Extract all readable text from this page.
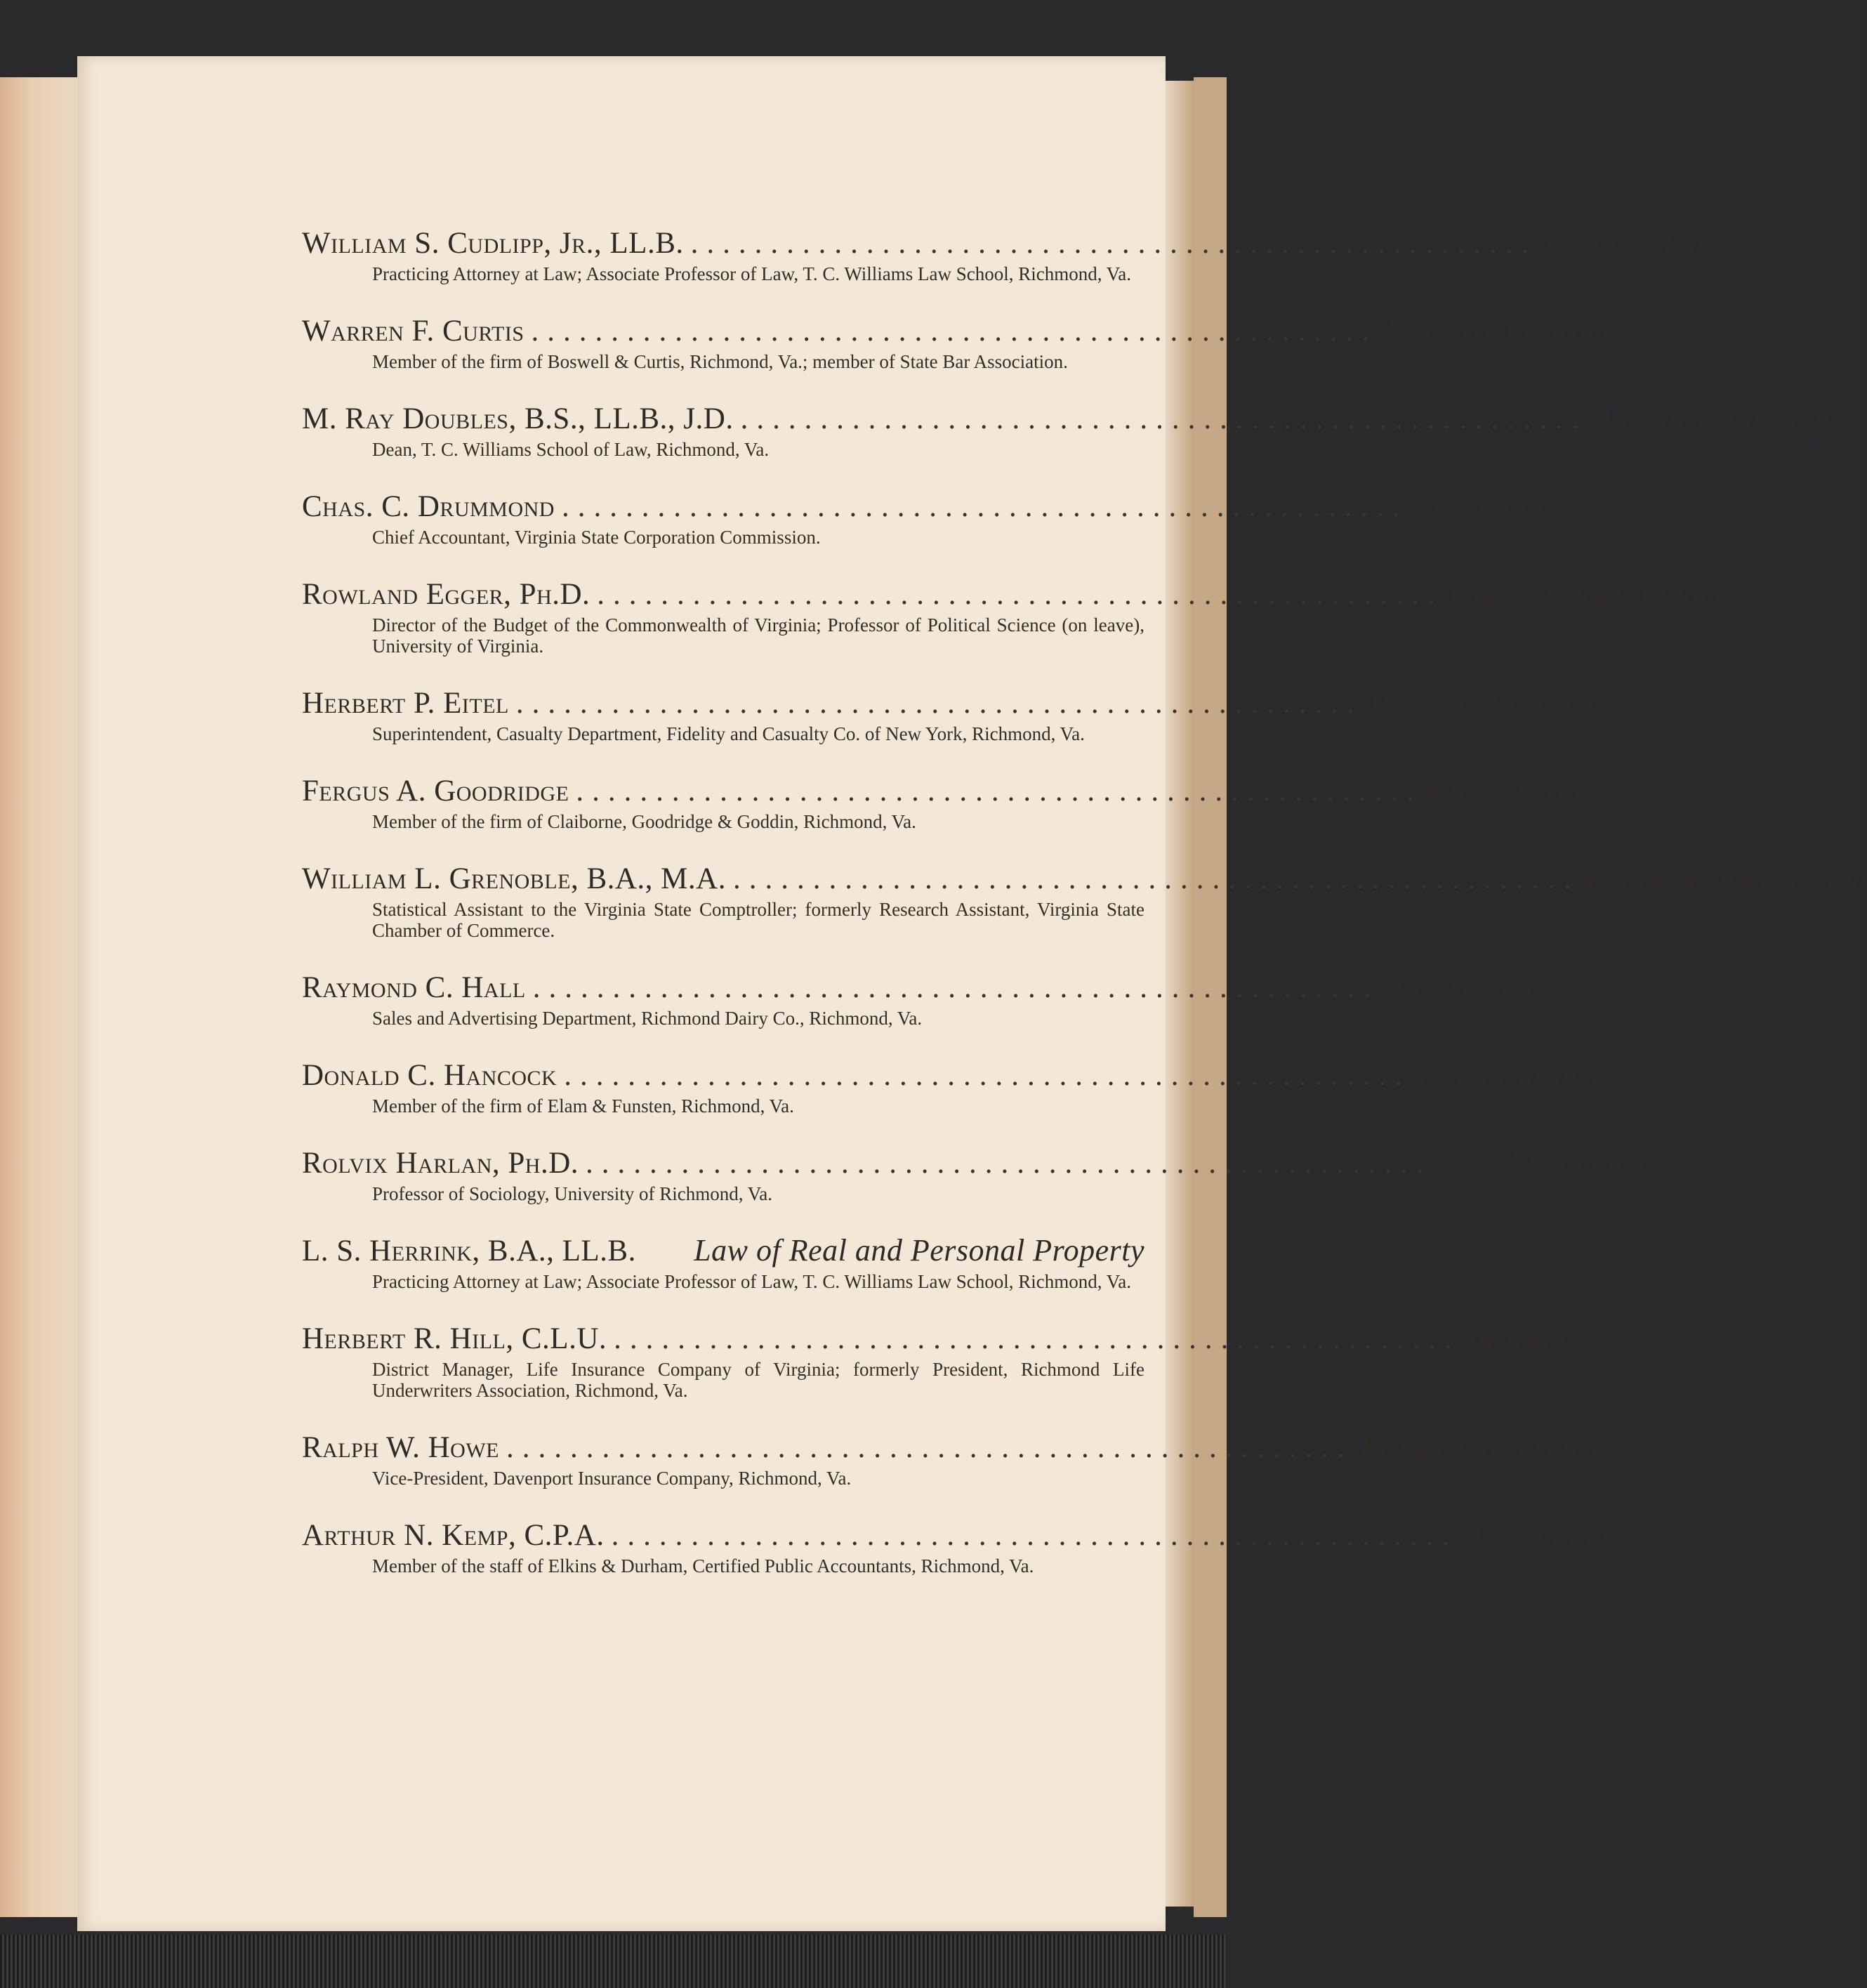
William S. Cudlipp, Jr., LL.B. ..................................................... Business Law
Practicing Attorney at Law; Associate Professor of Law, T. C. Williams Law School, Richmond, Va.
Warren F. Curtis ..................................................... Property Insurance
Member of the firm of Boswell & Curtis, Richmond, Va.; member of State Bar Association.
M. Ray Doubles, B.S., LL.B., J.D. ..................................................... Administrative Law
Dean, T. C. Williams School of Law, Richmond, Va.
Chas. C. Drummond ..................................................... Accounting
Chief Accountant, Virginia State Corporation Commission.
Rowland Egger, Ph.D. ..................................................... Governmental Finance
Director of the Budget of the Commonwealth of Virginia; Professor of Political Science (on leave), University of Virginia.
Herbert P. Eitel ..................................................... Property Insurance
Superintendent, Casualty Department, Fidelity and Casualty Co. of New York, Richmond, Va.
Fergus A. Goodridge ..................................................... Fire Insurance
Member of the firm of Claiborne, Goodridge & Goddin, Richmond, Va.
William L. Grenoble, B.A., M.A. ..................................................... Public Administration
Statistical Assistant to the Virginia State Comptroller; formerly Research Assistant, Virginia State Chamber of Commerce.
Raymond C. Hall ..................................................... Advertising
Sales and Advertising Department, Richmond Dairy Co., Richmond, Va.
Donald C. Hancock ..................................................... Fire Insurance
Member of the firm of Elam & Funsten, Richmond, Va.
Rolvix Harlan, Ph.D. ..................................................... Social Economics
Professor of Sociology, University of Richmond, Va.
L. S. Herrink, B.A., LL.B. Law of Real and Personal Property
Practicing Attorney at Law; Associate Professor of Law, T. C. Williams Law School, Richmond, Va.
Herbert R. Hill, C.L.U. ..................................................... Insurance
District Manager, Life Insurance Company of Virginia; formerly President, Richmond Life Underwriters Association, Richmond, Va.
Ralph W. Howe ..................................................... Property Insurance
Vice-President, Davenport Insurance Company, Richmond, Va.
Arthur N. Kemp, C.P.A. ..................................................... Accounting
Member of the staff of Elkins & Durham, Certified Public Accountants, Richmond, Va.
